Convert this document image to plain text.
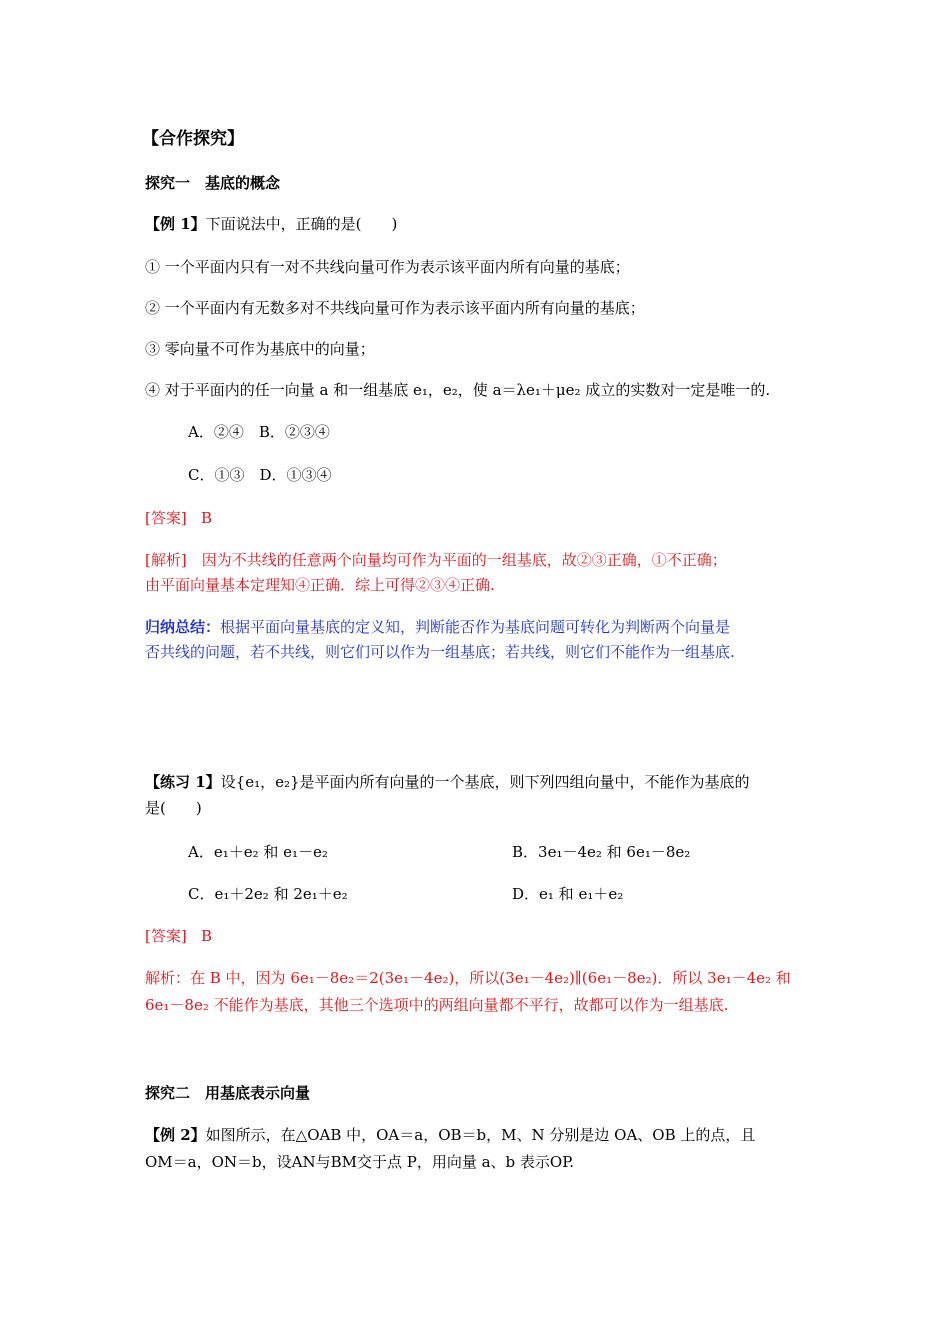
【合作探究】
探究一　基底的概念
【例 1】下面说法中，正确的是(　　)
① 一个平面内只有一对不共线向量可作为表示该平面内所有向量的基底；
② 一个平面内有无数多对不共线向量可作为表示该平面内所有向量的基底；
③ 零向量不可作为基底中的向量；
④ 对于平面内的任一向量 a 和一组基底 e₁，e₂，使 a＝λe₁＋μe₂ 成立的实数对一定是唯一的.
A．②④　B．②③④
C．①③　D．①③④
[答案] B
[解析]　因为不共线的任意两个向量均可作为平面的一组基底，故②③正确，①不正确；
由平面向量基本定理知④正确．综上可得②③④正确.
归纳总结：根据平面向量基底的定义知，判断能否作为基底问题可转化为判断两个向量是
否共线的问题，若不共线，则它们可以作为一组基底；若共线，则它们不能作为一组基底.
【练习 1】设{e₁，e₂}是平面内所有向量的一个基底，则下列四组向量中，不能作为基底的
是(　　)
A．e₁＋e₂ 和 e₁－e₂	B．3e₁－4e₂ 和 6e₁－8e₂
C．e₁＋2e₂ 和 2e₁＋e₂	D．e₁ 和 e₁＋e₂
[答案] B
解析：在 B 中，因为 6e₁－8e₂＝2(3e₁－4e₂)，所以(3e₁－4e₂)∥(6e₁－8e₂)．所以 3e₁－4e₂ 和
6e₁－8e₂ 不能作为基底，其他三个选项中的两组向量都不平行，故都可以作为一组基底.
探究二　用基底表示向量
【例 2】如图所示，在△OAB 中，OA＝a，OB＝b，M、N 分别是边 OA、OB 上的点，且
OM＝a，ON＝b，设AN与BM交于点 P，用向量 a、b 表示OP.
